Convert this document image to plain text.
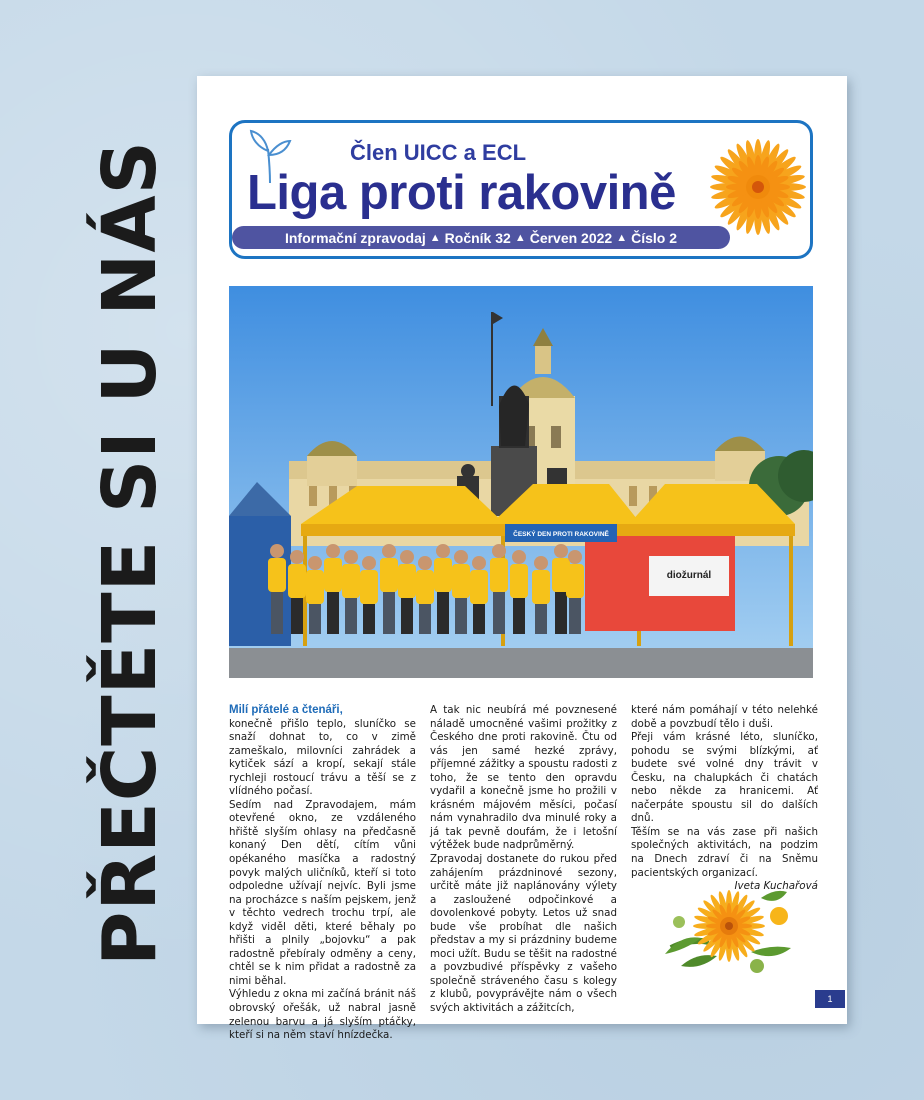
PŘEČTĚTE SI U NÁS	Člen UICC a ECL
Liga proti rakovině
Informační zpravodaj ▲ Ročník 32 ▲ Červen 2022 ▲ Číslo 2
ČESKÝ DEN PROTI RAKOVINĚ
diožurnál

Milí přátelé a čtenáři,

konečně přišlo teplo, sluníčko se snaží dohnat to, co v zimě zameškalo, milovníci zahrádek a kytiček sází a kropí, sekají stále rychleji rostoucí trávu a těší se z vlídného počasí.

Sedím nad Zpravodajem, mám otevřené okno, ze vzdáleného hřiště slyším ohlasy na předčasně konaný Den dětí, cítím vůni opékaného masíčka a radostný povyk malých uličníků, kteří si toto odpoledne užívají nejvíc. Byli jsme na procházce s naším pejskem, jenž v těchto vedrech trochu trpí, ale když viděl děti, které běhaly po hřišti a plnily „bojovku“ a pak radostně přebíraly odměny a ceny, chtěl se k nim přidat a radostně za nimi běhal.

Výhledu z okna mi začíná bránit náš obrovský ořešák, už nabral jasně zelenou barvu a já slyším ptáčky, kteří si na něm staví hnízdečka.

A tak nic neubírá mé povznesené náladě umocněné vašimi prožitky z Českého dne proti rakovině. Čtu od vás jen samé hezké zprávy, příjemné zážitky a spoustu radosti z toho, že se tento den opravdu vydařil a konečně jsme ho prožili v krásném májovém měsíci, počasí nám vynahradilo dva minulé roky a já tak pevně doufám, že i letošní výtěžek bude nadprůměrný.

Zpravodaj dostanete do rukou před zahájením prázdninové sezony, určitě máte již naplánovány výlety a zasloužené odpočinkové a dovolenkové pobyty. Letos už snad bude vše probíhat dle našich představ a my si prázdniny budeme moci užít. Budu se těšit na radostné a povzbudivé příspěvky z vašeho společně stráveného času s kolegy z klubů, povyprávějte nám o všech svých aktivitách a zážitcích,

které nám pomáhají v této nelehké době a povzbudí tělo i duši.

Přeji vám krásné léto, sluníčko, pohodu se svými blízkými, ať budete své volné dny trávit v Česku, na chalupkách či chatách nebo někde za hranicemi. Ať načerpáte spoustu sil do dalších dnů.

Těším se na vás zase při našich společných aktivitách, na podzim na Dnech zdraví či na Sněmu pacientských organizací.

Iveta Kuchařová

1
